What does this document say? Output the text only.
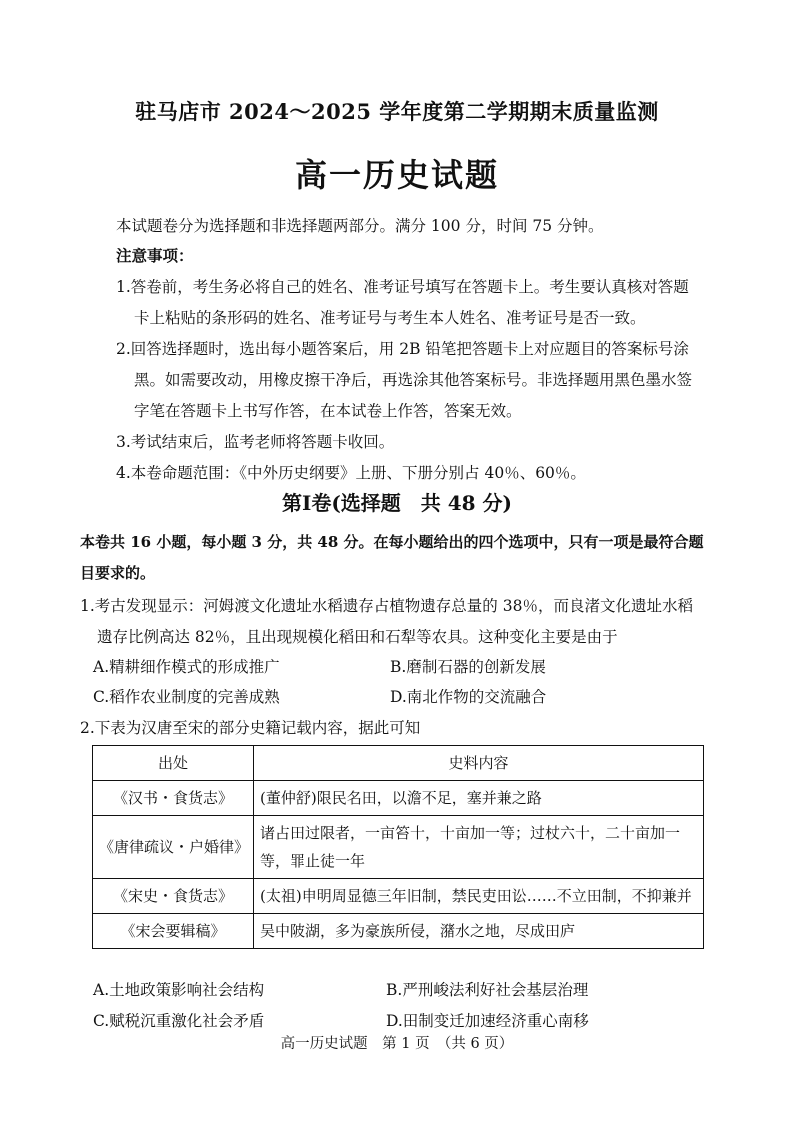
驻马店市 2024～2025 学年度第二学期期末质量监测
高一历史试题
本试题卷分为选择题和非选择题两部分。满分 100 分，时间 75 分钟。
注意事项：
1.答卷前，考生务必将自己的姓名、准考证号填写在答题卡上。考生要认真核对答题
卡上粘贴的条形码的姓名、准考证号与考生本人姓名、准考证号是否一致。
2.回答选择题时，选出每小题答案后，用 2B 铅笔把答题卡上对应题目的答案标号涂
黑。如需要改动，用橡皮擦干净后，再选涂其他答案标号。非选择题用黑色墨水签
字笔在答题卡上书写作答，在本试卷上作答，答案无效。
3.考试结束后，监考老师将答题卡收回。
4.本卷命题范围：《中外历史纲要》上册、下册分别占 40％、60％。
第Ⅰ卷(选择题　共 48 分)
本卷共 16 小题，每小题 3 分，共 48 分。在每小题给出的四个选项中，只有一项是最符合题
目要求的。
1.考古发现显示：河姆渡文化遗址水稻遗存占植物遗存总量的 38％，而良渚文化遗址水稻
遗存比例高达 82％，且出现规模化稻田和石犁等农具。这种变化主要是由于
A.精耕细作模式的形成推广	B.磨制石器的创新发展
C.稻作农业制度的完善成熟	D.南北作物的交流融合
2.下表为汉唐至宋的部分史籍记载内容，据此可知
出处	史料内容
《汉书・食货志》	(董仲舒)限民名田，以澹不足，塞并兼之路
《唐律疏议・户婚律》	诸占田过限者，一亩笞十，十亩加一等；过杖六十，二十亩加一等，罪止徒一年
《宋史・食货志》	(太祖)申明周显德三年旧制，禁民吏田讼……不立田制，不抑兼并
《宋会要辑稿》	吴中陂湖，多为豪族所侵，潴水之地，尽成田庐
A.土地政策影响社会结构	B.严刑峻法利好社会基层治理
C.赋税沉重激化社会矛盾	D.田制变迁加速经济重心南移
高一历史试题　第 1 页　（共 6 页）
